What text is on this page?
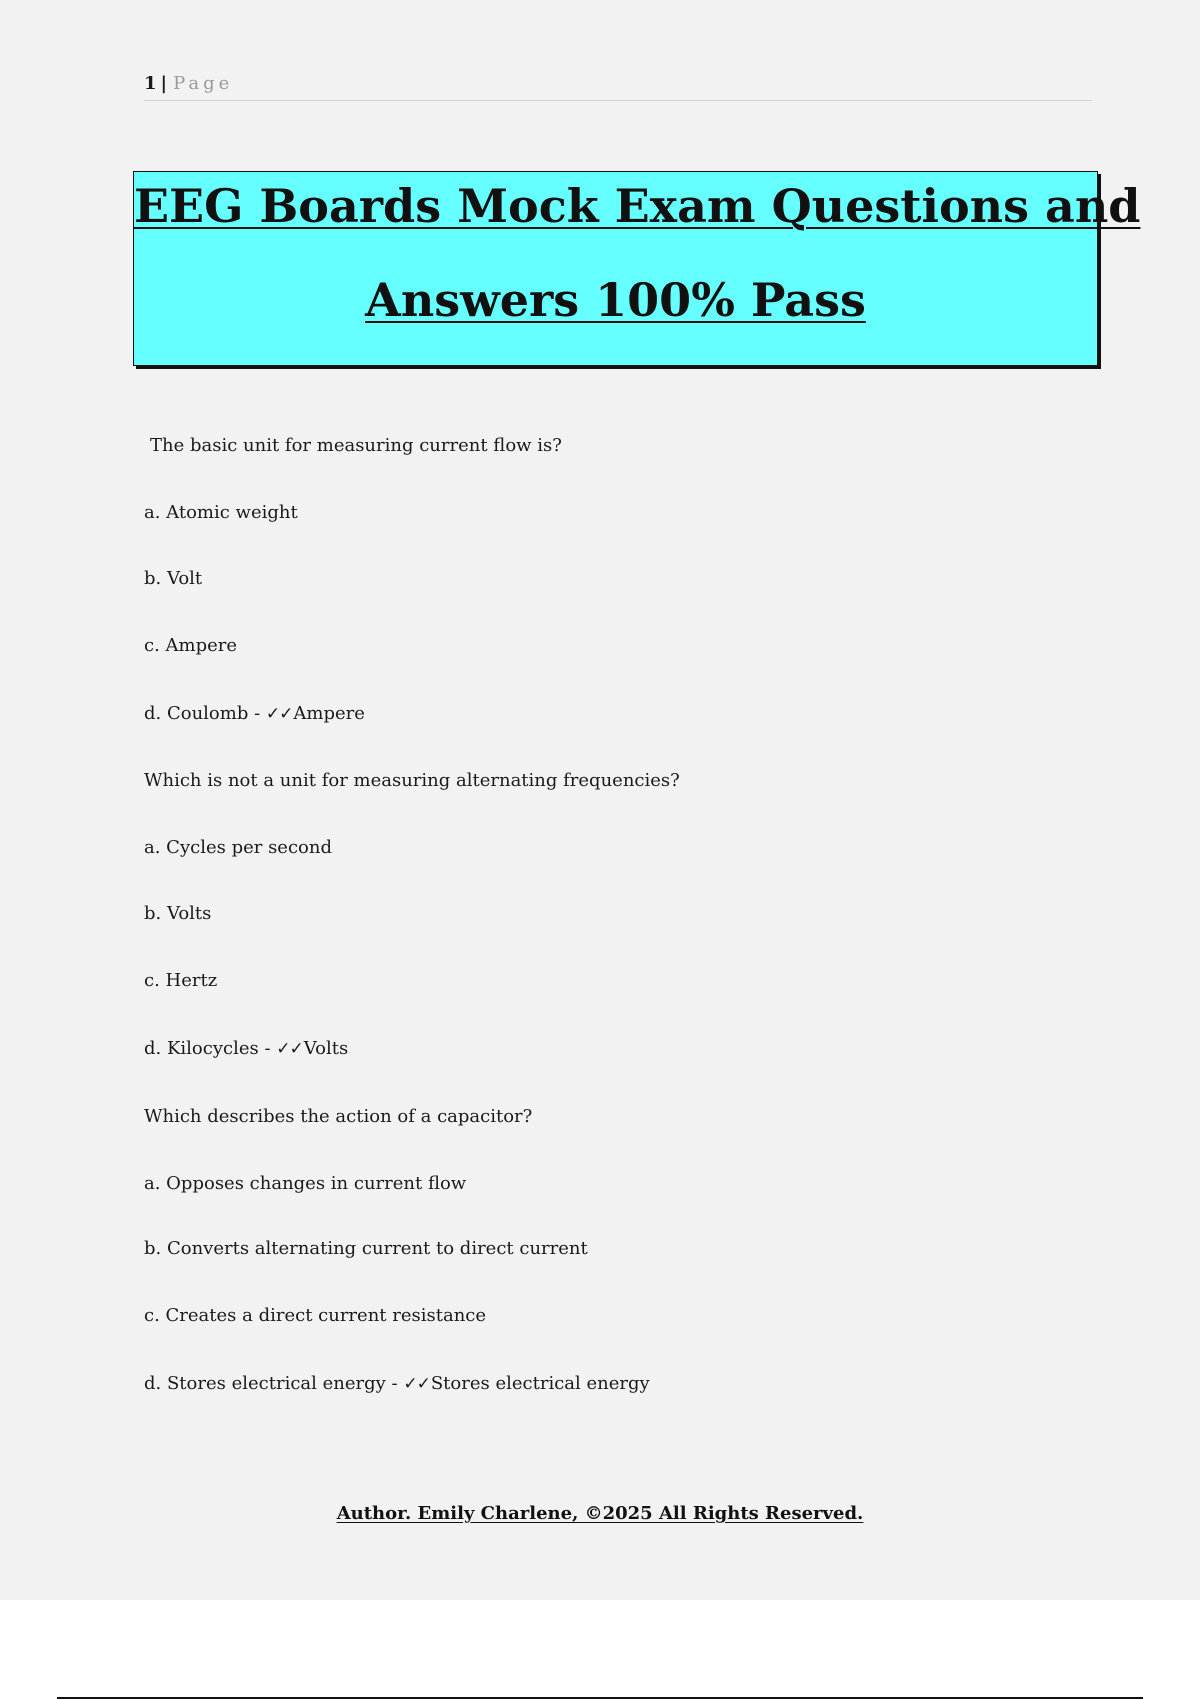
1 | Page
EEG Boards Mock Exam Questions and
Answers 100% Pass
The basic unit for measuring current flow is?
a. Atomic weight
b. Volt
c. Ampere
d. Coulomb - ✓✓Ampere
Which is not a unit for measuring alternating frequencies?
a. Cycles per second
b. Volts
c. Hertz
d. Kilocycles - ✓✓Volts
Which describes the action of a capacitor?
a. Opposes changes in current flow
b. Converts alternating current to direct current
c. Creates a direct current resistance
d. Stores electrical energy - ✓✓Stores electrical energy
Author. Emily Charlene, ©2025 All Rights Reserved.
